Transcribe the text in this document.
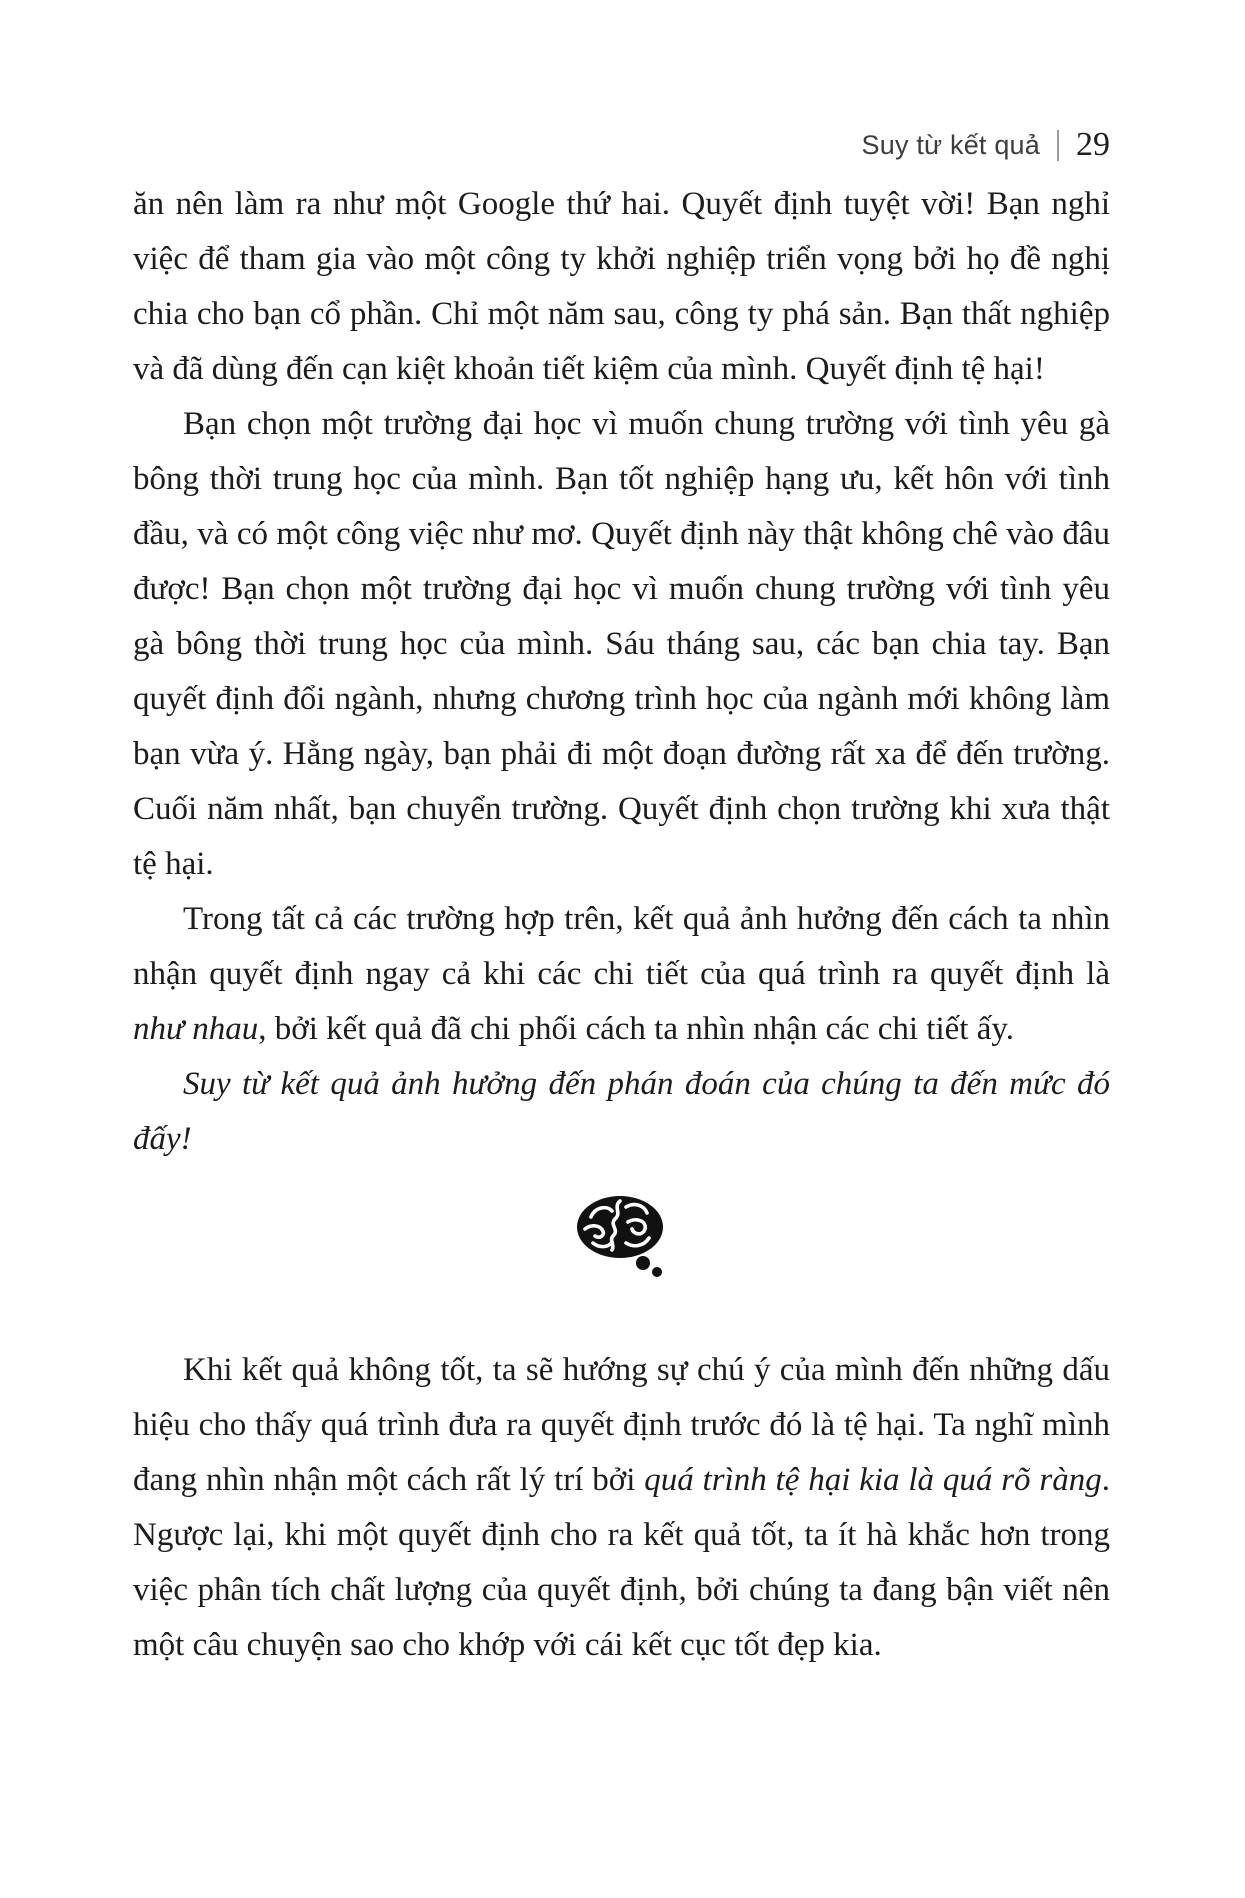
Suy từ kết quả 29

ăn nên làm ra như một Google thứ hai. Quyết định tuyệt vời! Bạn nghỉ việc để tham gia vào một công ty khởi nghiệp triển vọng bởi họ đề nghị chia cho bạn cổ phần. Chỉ một năm sau, công ty phá sản. Bạn thất nghiệp và đã dùng đến cạn kiệt khoản tiết kiệm của mình. Quyết định tệ hại!

Bạn chọn một trường đại học vì muốn chung trường với tình yêu gà bông thời trung học của mình. Bạn tốt nghiệp hạng ưu, kết hôn với tình đầu, và có một công việc như mơ. Quyết định này thật không chê vào đâu được! Bạn chọn một trường đại học vì muốn chung trường với tình yêu gà bông thời trung học của mình. Sáu tháng sau, các bạn chia tay. Bạn quyết định đổi ngành, nhưng chương trình học của ngành mới không làm bạn vừa ý. Hằng ngày, bạn phải đi một đoạn đường rất xa để đến trường. Cuối năm nhất, bạn chuyển trường. Quyết định chọn trường khi xưa thật tệ hại.

Trong tất cả các trường hợp trên, kết quả ảnh hưởng đến cách ta nhìn nhận quyết định ngay cả khi các chi tiết của quá trình ra quyết định là như nhau, bởi kết quả đã chi phối cách ta nhìn nhận các chi tiết ấy.

Suy từ kết quả ảnh hưởng đến phán đoán của chúng ta đến mức đó đấy!

Khi kết quả không tốt, ta sẽ hướng sự chú ý của mình đến những dấu hiệu cho thấy quá trình đưa ra quyết định trước đó là tệ hại. Ta nghĩ mình đang nhìn nhận một cách rất lý trí bởi quá trình tệ hại kia là quá rõ ràng. Ngược lại, khi một quyết định cho ra kết quả tốt, ta ít hà khắc hơn trong việc phân tích chất lượng của quyết định, bởi chúng ta đang bận viết nên một câu chuyện sao cho khớp với cái kết cục tốt đẹp kia.
